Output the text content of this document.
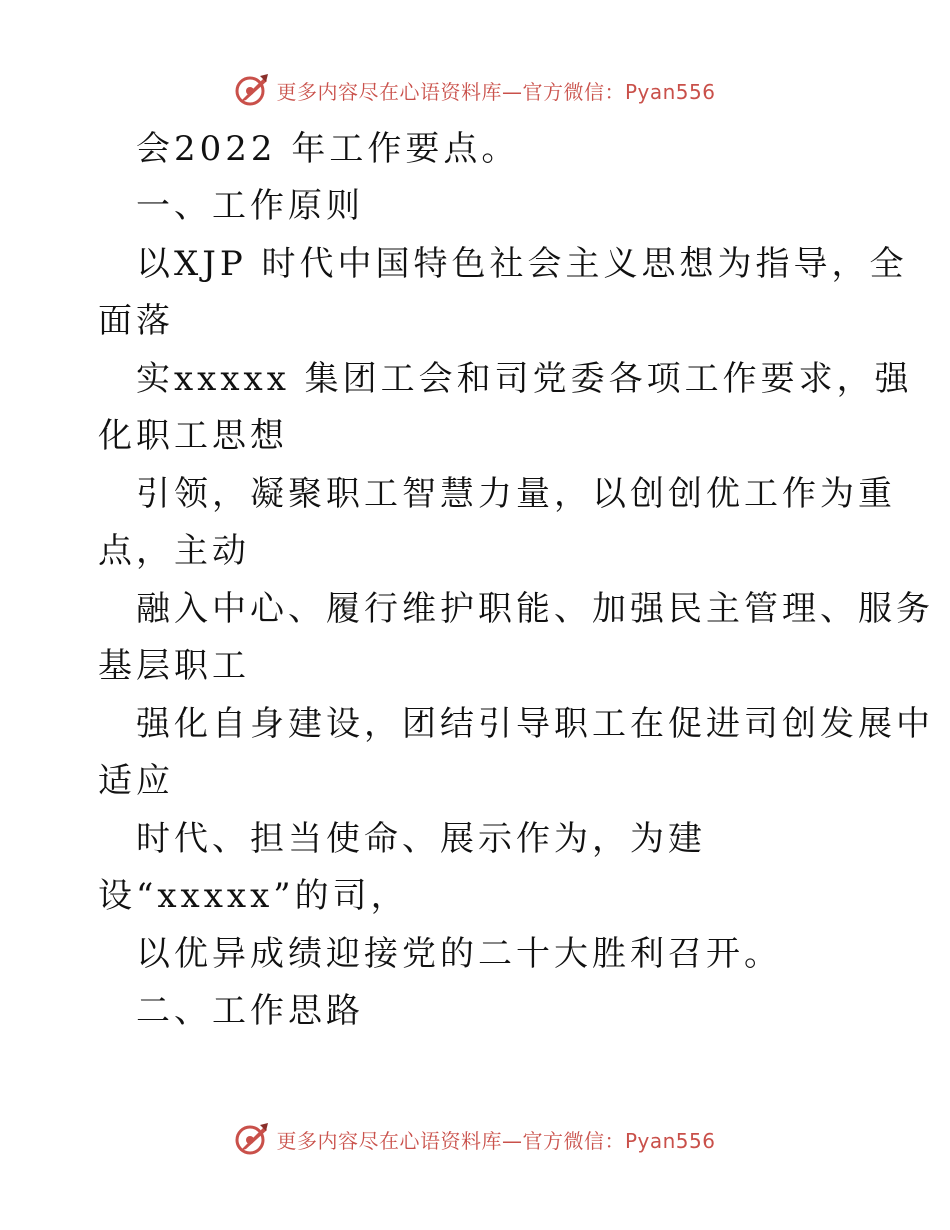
更多内容尽在心语资料库—官方微信：Pyan556
会2022 年工作要点。
一、工作原则
以XJP 时代中国特色社会主义思想为指导，全
面落
实xxxxx 集团工会和司党委各项工作要求，强
化职工思想
引领，凝聚职工智慧力量，以创创优工作为重
点，主动
融入中心、履行维护职能、加强民主管理、服务
基层职工
强化自身建设，团结引导职工在促进司创发展中
适应
时代、担当使命、展示作为，为建
设“xxxxx”的司，
以优异成绩迎接党的二十大胜利召开。
二、工作思路
更多内容尽在心语资料库—官方微信：Pyan556
